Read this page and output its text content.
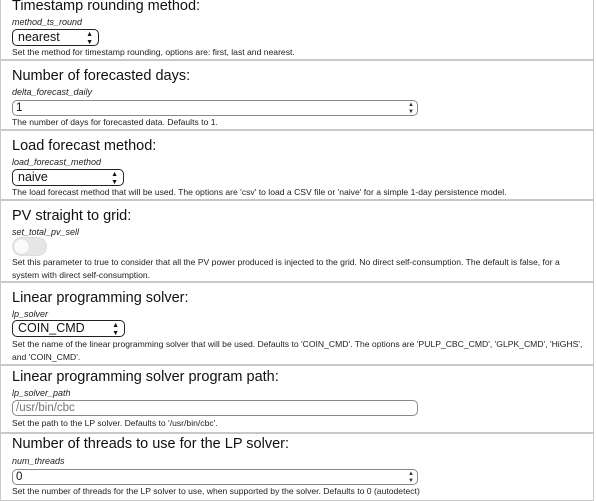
Timestamp rounding method:
method_ts_round
nearest	▲
▼
Set the method for timestamp rounding, options are: first, last and nearest.
Number of forecasted days:
delta_forecast_daily
1	▲
▼
The number of days for forecasted data. Defaults to 1.
Load forecast method:
load_forecast_method
naive	▲
▼
The load forecast method that will be used. The options are 'csv' to load a CSV file or 'naive' for a simple 1-day persistence model.
PV straight to grid:
set_total_pv_sell
Set this parameter to true to consider that all the PV power produced is injected to the grid. No direct self-consumption. The default is false, for a system with direct self-consumption.
Linear programming solver:
lp_solver
COIN_CMD	▲
▼
Set the name of the linear programming solver that will be used. Defaults to 'COIN_CMD'. The options are 'PULP_CBC_CMD', 'GLPK_CMD', 'HiGHS', and 'COIN_CMD'.
Linear programming solver program path:
lp_solver_path
/usr/bin/cbc
Set the path to the LP solver. Defaults to '/usr/bin/cbc'.
Number of threads to use for the LP solver:
num_threads
0	▲
▼
Set the number of threads for the LP solver to use, when supported by the solver. Defaults to 0 (autodetect)
